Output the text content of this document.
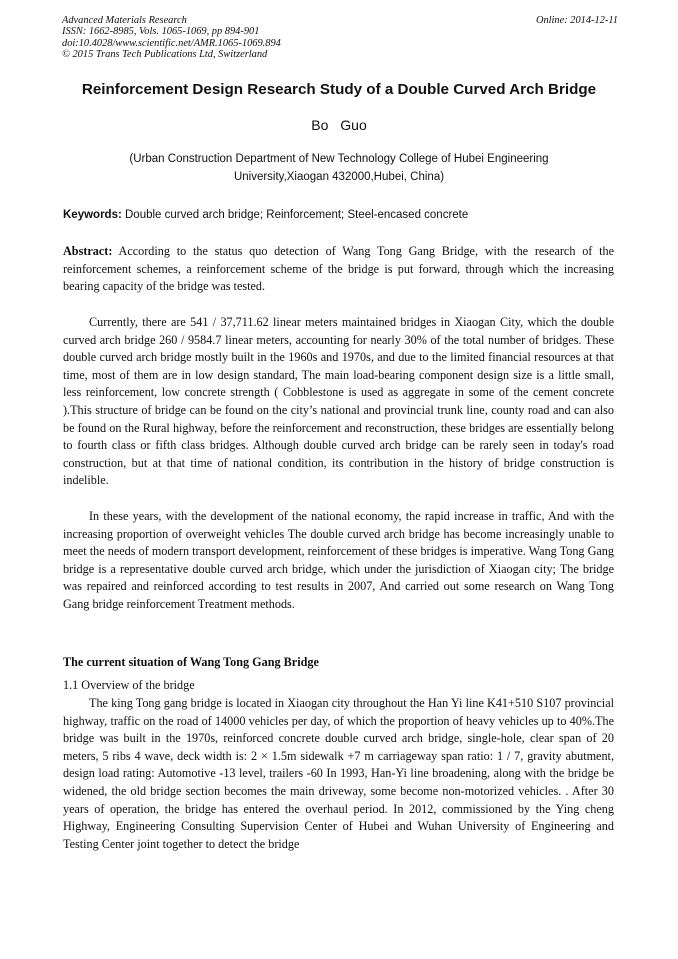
Advanced Materials Research
ISSN: 1662-8985, Vols. 1065-1069, pp 894-901
doi:10.4028/www.scientific.net/AMR.1065-1069.894
© 2015 Trans Tech Publications Ltd, Switzerland
Online: 2014-12-11
Reinforcement Design Research Study of a Double Curved Arch Bridge
Bo Guo
(Urban Construction Department of New Technology College of Hubei Engineering
University,Xiaogan 432000,Hubei, China)
Keywords: Double curved arch bridge; Reinforcement; Steel-encased concrete
Abstract: According to the status quo detection of Wang Tong Gang Bridge, with the research of the reinforcement schemes, a reinforcement scheme of the bridge is put forward, through which the increasing bearing capacity of the bridge was tested.
Currently, there are 541 / 37,711.62 linear meters maintained bridges in Xiaogan City, which the double curved arch bridge 260 / 9584.7 linear meters, accounting for nearly 30% of the total number of bridges. These double curved arch bridge mostly built in the 1960s and 1970s, and due to the limited financial resources at that time, most of them are in low design standard, The main load-bearing component design size is a little small, less reinforcement, low concrete strength ( Cobblestone is used as aggregate in some of the cement concrete ).This structure of bridge can be found on the city’s national and provincial trunk line, county road and can also be found on the Rural highway, before the reinforcement and reconstruction, these bridges are essentially belong to fourth class or fifth class bridges. Although double curved arch bridge can be rarely seen in today's road construction, but at that time of national condition, its contribution in the history of bridge construction is indelible.
In these years, with the development of the national economy, the rapid increase in traffic, And with the increasing proportion of overweight vehicles The double curved arch bridge has become increasingly unable to meet the needs of modern transport development, reinforcement of these bridges is imperative. Wang Tong Gang bridge is a representative double curved arch bridge, which under the jurisdiction of Xiaogan city; The bridge was repaired and reinforced according to test results in 2007, And carried out some research on Wang Tong Gang bridge reinforcement Treatment methods.
The current situation of Wang Tong Gang Bridge
1.1 Overview of the bridge
The king Tong gang bridge is located in Xiaogan city throughout the Han Yi line K41+510 S107 provincial highway, traffic on the road of 14000 vehicles per day, of which the proportion of heavy vehicles up to 40%.The bridge was built in the 1970s, reinforced concrete double curved arch bridge, single-hole, clear span of 20 meters, 5 ribs 4 wave, deck width is: 2 × 1.5m sidewalk +7 m carriageway span ratio: 1 / 7, gravity abutment, design load rating: Automotive -13 level, trailers -60 In 1993, Han-Yi line broadening, along with the bridge be widened, the old bridge section becomes the main driveway, some become non-motorized vehicles. . After 30 years of operation, the bridge has entered the overhaul period. In 2012, commissioned by the Ying cheng Highway, Engineering Consulting Supervision Center of Hubei and Wuhan University of Engineering and Testing Center joint together to detect the bridge
